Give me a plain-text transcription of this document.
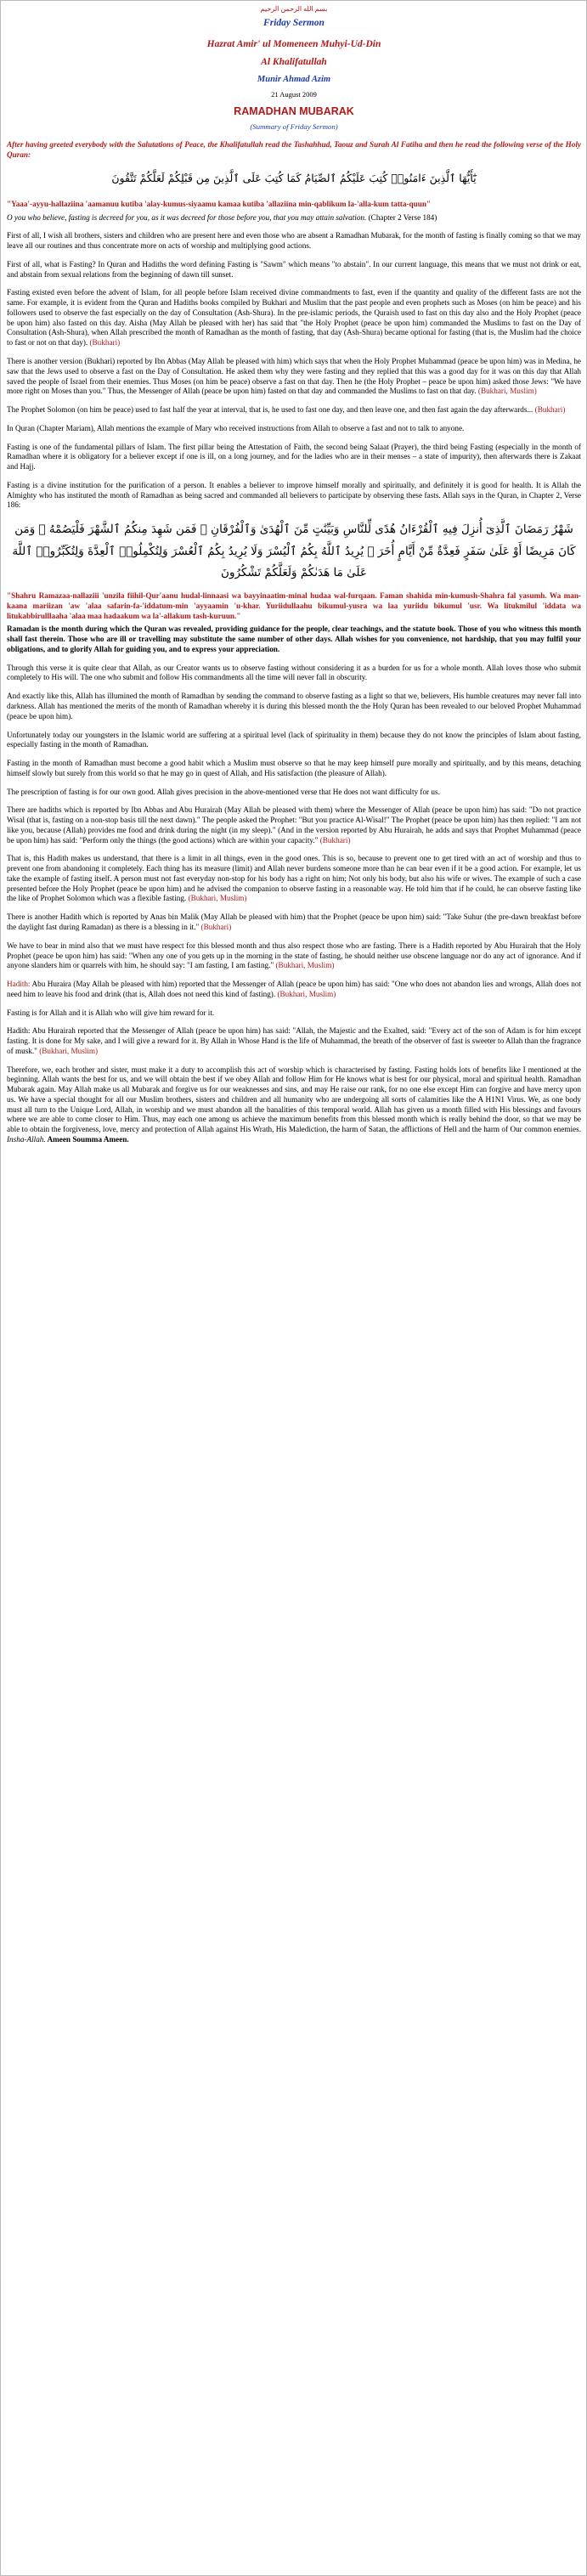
بسم الله الرحمن الرحيم
Friday Sermon
Hazrat Amir' ul Momeneen Muhyi-Ud-Din
Al Khalifatullah
Munir Ahmad Azim
21 August 2009
RAMADHAN MUBARAK
(Summary of Friday Sermon)

After having greeted everybody with the Salutations of Peace, the Khalifatullah read the Tashahhud, Taouz and Surah Al Fatiha and then he read the following verse of the Holy Quran:

يَٰٓأَيُّهَا ٱلَّذِينَ ءَامَنُوا۟ كُتِبَ عَلَيْكُمُ ٱلصِّيَامُ كَمَا كُتِبَ عَلَى ٱلَّذِينَ مِن قَبْلِكُمْ لَعَلَّكُمْ تَتَّقُونَ

"Yaaa'-ayyu-hallaziina 'aamanuu kutiba 'alay-kumus-siyaamu kamaa kutiba 'allaziina min-qablikum la-'alla-kum tatta-quun"

O you who believe, fasting is decreed for you, as it was decreed for those before you, that you may attain salvation. (Chapter 2 Verse 184)

First of all, I wish all brothers, sisters and children who are present here and even those who are absent a Ramadhan Mubarak, for the month of fasting is finally coming so that we may leave all our routines and thus concentrate more on acts of worship and multiplying good actions.

First of all, what is Fasting? In Quran and Hadiths the word defining Fasting is "Sawm" which means "to abstain". In our current language, this means that we must not drink or eat, and abstain from sexual relations from the beginning of dawn till sunset.

Fasting existed even before the advent of Islam, for all people before Islam received divine commandments to fast, even if the quantity and quality of the different fasts are not the same. For example, it is evident from the Quran and Hadiths books compiled by Bukhari and Muslim that the past people and even prophets such as Moses (on him be peace) and his followers used to observe the fast especially on the day of Consultation (Ash-Shura). In the pre-islamic periods, the Quraish used to fast on this day also and the Holy Prophet (peace be upon him) also fasted on this day. Aisha (May Allah be pleased with her) has said that "the Holy Prophet (peace be upon him) commanded the Muslims to fast on the Day of Consultation (Ash-Shura), when Allah prescribed the month of Ramadhan as the month of fasting, that day (Ash-Shura) became optional for fasting (that is, the Muslim had the choice to fast or not on that day). (Bukhari)

There is another version (Bukhari) reported by Ibn Abbas (May Allah be pleased with him) which says that when the Holy Prophet Muhammad (peace be upon him) was in Medina, he saw that the Jews used to observe a fast on the Day of Consultation. He asked them why they were fasting and they replied that this was a good day for it was on this day that Allah saved the people of Israel from their enemies. Thus Moses (on him be peace) observe a fast on that day. Then he (the Holy Prophet – peace be upon him) asked those Jews: "We have more right on Moses than you." Thus, the Messenger of Allah (peace be upon him) fasted on that day and commanded the Muslims to fast on that day. (Bukhari, Muslim)

The Prophet Solomon (on him be peace) used to fast half the year at interval, that is, he used to fast one day, and then leave one, and then fast again the day afterwards... (Bukhari)

In Quran (Chapter Mariam), Allah mentions the example of Mary who received instructions from Allah to observe a fast and not to talk to anyone.

Fasting is one of the fundamental pillars of Islam. The first pillar being the Attestation of Faith, the second being Salaat (Prayer), the third being Fasting (especially in the month of Ramadhan where it is obligatory for a believer except if one is ill, on a long journey, and for the ladies who are in their menses – a state of impurity), then afterwards there is Zakaat and Hajj.

Fasting is a divine institution for the purification of a person. It enables a believer to improve himself morally and spiritually, and definitely it is good for health. It is Allah the Almighty who has instituted the month of Ramadhan as being sacred and commanded all believers to participate by observing these fasts. Allah says in the Quran, in Chapter 2, Verse 186:

شَهْرُ رَمَضَانَ ٱلَّذِىٓ أُنزِلَ فِيهِ ٱلْقُرْءَانُ هُدًى لِّلنَّاسِ وَبَيِّنَٰتٍ مِّنَ ٱلْهُدَىٰ وَٱلْفُرْقَانِ ۚ فَمَن شَهِدَ مِنكُمُ ٱلشَّهْرَ فَلْيَصُمْهُ ۖ وَمَن كَانَ مَرِيضًا أَوْ عَلَىٰ سَفَرٍ فَعِدَّةٌ مِّنْ أَيَّامٍ أُخَرَ ۗ يُرِيدُ ٱللَّهُ بِكُمُ ٱلْيُسْرَ وَلَا يُرِيدُ بِكُمُ ٱلْعُسْرَ وَلِتُكْمِلُوا۟ ٱلْعِدَّةَ وَلِتُكَبِّرُوا۟ ٱللَّهَ عَلَىٰ مَا هَدَىٰكُمْ وَلَعَلَّكُمْ تَشْكُرُونَ

"Shahru Ramazaa-nallaziii 'unzila fiihil-Qur'aanu hudal-linnaasi wa bayyinaatim-minal hudaa wal-furqaan. Faman shahida min-kumush-Shahra fal yasumh. Wa man-kaana mariizan 'aw 'alaa safarin-fa-'iddatum-min 'ayyaamin 'u-khar. Yuriidullaahu bikumul-yusra wa laa yuriidu bikumul 'usr. Wa litukmilul 'iddata wa litukabbirulllaaha 'alaa maa hadaakum wa la'-allakum tash-kuruun."

Ramadan is the month during which the Quran was revealed, providing guidance for the people, clear teachings, and the statute book. Those of you who witness this month shall fast therein. Those who are ill or travelling may substitute the same number of other days. Allah wishes for you convenience, not hardship, that you may fulfil your obligations, and to glorify Allah for guiding you, and to express your appreciation.

Through this verse it is quite clear that Allah, as our Creator wants us to observe fasting without considering it as a burden for us for a whole month. Allah loves those who submit completely to His will. The one who submit and follow His commandments all the time will never fall in obscurity.

And exactly like this, Allah has illumined the month of Ramadhan by sending the command to observe fasting as a light so that we, believers, His humble creatures may never fall into darkness. Allah has mentioned the merits of the month of Ramadhan whereby it is during this blessed month the the Holy Quran has been revealed to our beloved Prophet Muhammad (peace be upon him).

Unfortunately today our youngsters in the Islamic world are suffering at a spiritual level (lack of spirituality in them) because they do not know the principles of Islam about fasting, especially fasting in the month of Ramadhan.

Fasting in the month of Ramadhan must become a good habit which a Muslim must observe so that he may keep himself pure morally and spiritually, and by this means, detaching himself slowly but surely from this world so that he may go in quest of Allah, and His satisfaction (the pleasure of Allah).

The prescription of fasting is for our own good. Allah gives precision in the above-mentioned verse that He does not want difficulty for us.

There are hadiths which is reported by Ibn Abbas and Abu Hurairah (May Allah be pleased with them) where the Messenger of Allah (peace be upon him) has said: "Do not practice Wisal (that is, fasting on a non-stop basis till the next dawn)." The people asked the Prophet: "But you practice Al-Wisal!" The Prophet (peace be upon him) has then replied: "I am not like you, because (Allah) provides me food and drink during the night (in my sleep)." (And in the version reported by Abu Hurairah, he adds and says that Prophet Muhammad (peace be upon him) has said: "Perform only the things (the good actions) which are within your capacity." (Bukhari)

That is, this Hadith makes us understand, that there is a limit in all things, even in the good ones. This is so, because to prevent one to get tired with an act of worship and thus to prevent one from abandoning it completely. Each thing has its measure (limit) and Allah never burdens someone more than he can bear even if it be a good action. For example, let us take the example of fasting itself. A person must not fast everyday non-stop for his body has a right on him; Not only his body, but also his wife or wives. The example of such a case presented before the Holy Prophet (peace be upon him) and he advised the companion to observe fasting in a reasonable way. He told him that if he could, he can observe fasting like the like of Prophet Solomon which was a flexible fasting. (Bukhari, Muslim)

There is another Hadith which is reported by Anas bin Malik (May Allah be pleased with him) that the Prophet (peace be upon him) said: "Take Suhur (the pre-dawn breakfast before the daylight fast during Ramadan) as there is a blessing in it." (Bukhari)

We have to bear in mind also that we must have respect for this blessed month and thus also respect those who are fasting. There is a Hadith reported by Abu Hurairah that the Holy Prophet (peace be upon him) has said: "When any one of you gets up in the morning in the state of fasting, he should neither use obscene language nor do any act of ignorance. And if anyone slanders him or quarrels with him, he should say: "I am fasting, I am fasting." (Bukhari, Muslim)

Hadith: Abu Huraira (May Allah be pleased with him) reported that the Messenger of Allah (peace be upon him) has said: "One who does not abandon lies and wrongs, Allah does not need him to leave his food and drink (that is, Allah does not need this kind of fasting). (Bukhari, Muslim)

Fasting is for Allah and it is Allah who will give him reward for it.

Hadith: Abu Hurairah reported that the Messenger of Allah (peace be upon him) has said: "Allah, the Majestic and the Exalted, said: "Every act of the son of Adam is for him except fasting. It is done for My sake, and I will give a reward for it. By Allah in Whose Hand is the life of Muhammad, the breath of the observer of fast is sweeter to Allah than the fragrance of musk." (Bukhari, Muslim)

Therefore, we, each brother and sister, must make it a duty to accomplish this act of worship which is characterised by fasting. Fasting holds lots of benefits like I mentioned at the beginning. Allah wants the best for us, and we will obtain the best if we obey Allah and follow Him for He knows what is best for our physical, moral and spiritual health. Ramadhan Mubarak again. May Allah make us all Mubarak and forgive us for our weaknesses and sins, and may He raise our rank, for no one else except Him can forgive and have mercy upon us. We have a special thought for all our Muslim brothers, sisters and children and all humanity who are undergoing all sorts of calamities like the A H1N1 Virus. We, as one body must all turn to the Unique Lord, Allah, in worship and we must abandon all the banalities of this temporal world. Allah has given us a month filled with His blessings and favours where we are able to come closer to Him. Thus, may each one among us achieve the maximum benefits from this blessed month which is really behind the door, so that we may be able to obtain the forgiveness, love, mercy and protection of Allah against His Wrath, His Malediction, the harm of Satan, the afflictions of Hell and the harm of Our common enemies. Insha-Allah. Ameen Soumma Ameen.
